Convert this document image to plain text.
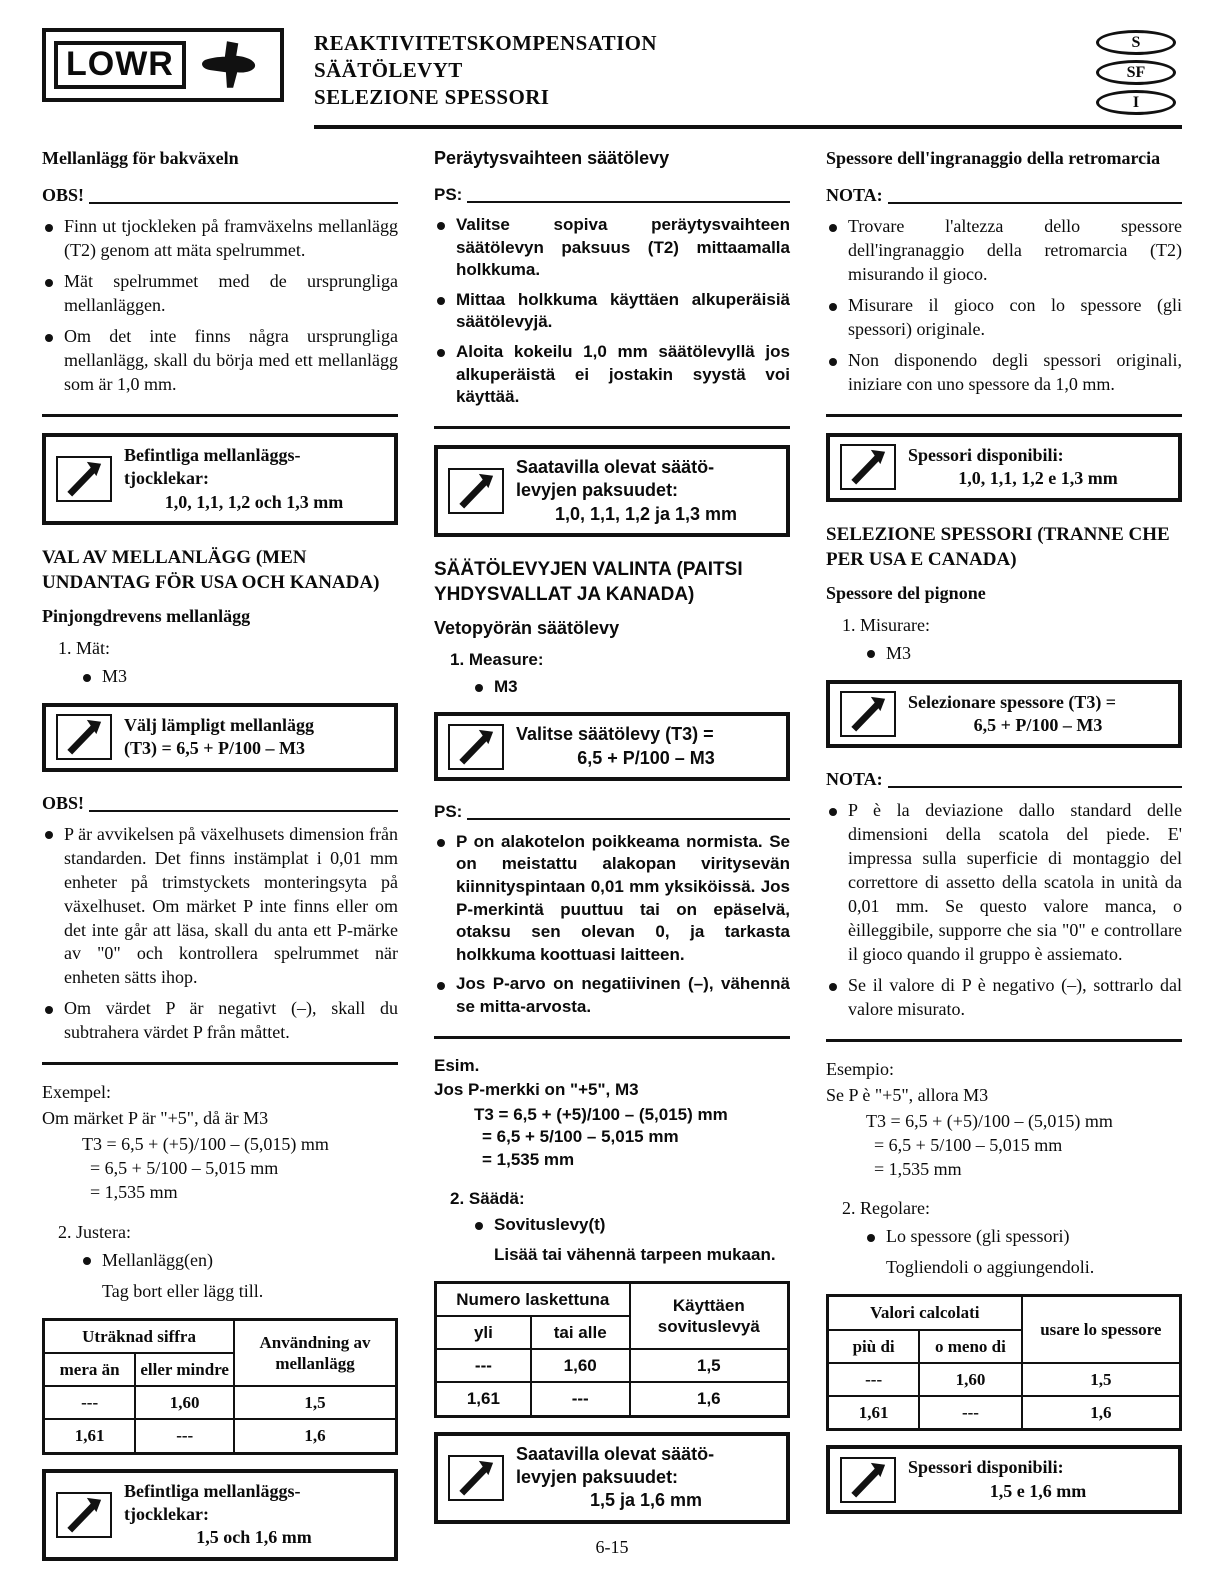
LOWR
REAKTIVITETSKOMPENSATION
SÄÄTÖLEVYT
SELEZIONE SPESSORI
S
SF
I
Mellanlägg för bakväxeln
OBS!
Finn ut tjockleken på framväxelns mellanlägg (T2) genom att mäta spelrummet.
Mät spelrummet med de ursprungliga mellanläggen.
Om det inte finns några ursprungliga mellanlägg, skall du börja med ett mellanlägg som är 1,0 mm.
Befintliga mellanläggs-
tjocklekar:
1,0, 1,1, 1,2 och 1,3 mm
VAL AV MELLANLÄGG (MEN UNDANTAG FÖR USA OCH KANADA)
Pinjongdrevens mellanlägg
1. Mät:
M3
Välj lämpligt mellanlägg
(T3) = 6,5 + P/100 – M3
OBS!
P är avvikelsen på växelhusets dimension från standarden. Det finns instämplat i 0,01 mm enheter på trimstyckets monteringsyta på växelhuset. Om märket P inte finns eller om det inte går att läsa, skall du anta ett P-märke av "0" och kontrollera spelrummet när enheten sätts ihop.
Om värdet P är negativt (–), skall du subtrahera värdet P från måttet.
Exempel:
Om märket P är "+5", då är M3
T3 = 6,5 + (+5)/100 – (5,015) mm
= 6,5 + 5/100 – 5,015 mm
= 1,535 mm
2. Justera:
Mellanlägg(en)
Tag bort eller lägg till.
Uträknad siffra		Användning av mellanlägg
mera än	eller mindre	
---	1,60	1,5
1,61	---	1,6
Befintliga mellanläggs-
tjocklekar:
1,5 och 1,6 mm
Peräytysvaihteen säätölevy
PS:
Valitse sopiva peräytysvaihteen säätölevyn paksuus (T2) mittaamalla holkkuma.
Mittaa holkkuma käyttäen alkuperäisiä säätölevyjä.
Aloita kokeilu 1,0 mm säätölevyllä jos alkuperäistä ei jostakin syystä voi käyttää.
Saatavilla olevat säätö-
levyjen paksuudet:
1,0, 1,1, 1,2 ja 1,3 mm
SÄÄTÖLEVYJEN VALINTA (PAITSI YHDYSVALLAT JA KANADA)
Vetopyörän säätölevy
1. Measure:
M3
Valitse säätölevy (T3) =
6,5 + P/100 – M3
PS:
P on alakotelon poikkeama normista. Se on meistattu alakopan viritysevän kiinnityspintaan 0,01 mm yksiköissä. Jos P-merkintä puuttuu tai on epäselvä, otaksu sen olevan 0, ja tarkasta holkkuma koottuasi laitteen.
Jos P-arvo on negatiivinen (–), vähennä se mitta-arvosta.
Esim.
Jos P-merkki on "+5", M3
T3 = 6,5 + (+5)/100 – (5,015) mm
= 6,5 + 5/100 – 5,015 mm
= 1,535 mm
2. Säädä:
Sovituslevy(t)
Lisää tai vähennä tarpeen mukaan.
Numero laskettuna		Käyttäen sovituslevyä
yli	tai alle	
---	1,60	1,5
1,61	---	1,6
Saatavilla olevat säätö-
levyjen paksuudet:
1,5 ja 1,6 mm
Spessore dell'ingranaggio della retromarcia
NOTA:
Trovare l'altezza dello spessore dell'ingranaggio della retromarcia (T2) misurando il gioco.
Misurare il gioco con lo spessore (gli spessori) originale.
Non disponendo degli spessori originali, iniziare con uno spessore da 1,0 mm.
Spessori disponibili:
1,0, 1,1, 1,2 e 1,3 mm
SELEZIONE SPESSORI (TRANNE CHE PER USA E CANADA)
Spessore del pignone
1. Misurare:
M3
Selezionare spessore (T3) =
6,5 + P/100 – M3
NOTA:
P è la deviazione dallo standard delle dimensioni della scatola del piede. E' impressa sulla superficie di montaggio del correttore di assetto della scatola in unità da 0,01 mm. Se questo valore manca, o èilleggibile, supporre che sia "0" e controllare il gioco quando il gruppo è assiemato.
Se il valore di P è negativo (–), sottrarlo dal valore misurato.
Esempio:
Se P è "+5", allora M3
T3 = 6,5 + (+5)/100 – (5,015) mm
= 6,5 + 5/100 – 5,015 mm
= 1,535 mm
2. Regolare:
Lo spessore (gli spessori)
Togliendoli o aggiungendoli.
Valori calcolati		usare lo spessore
più di	o meno di	
---	1,60	1,5
1,61	---	1,6
Spessori disponibili:
1,5 e 1,6 mm
6-15
